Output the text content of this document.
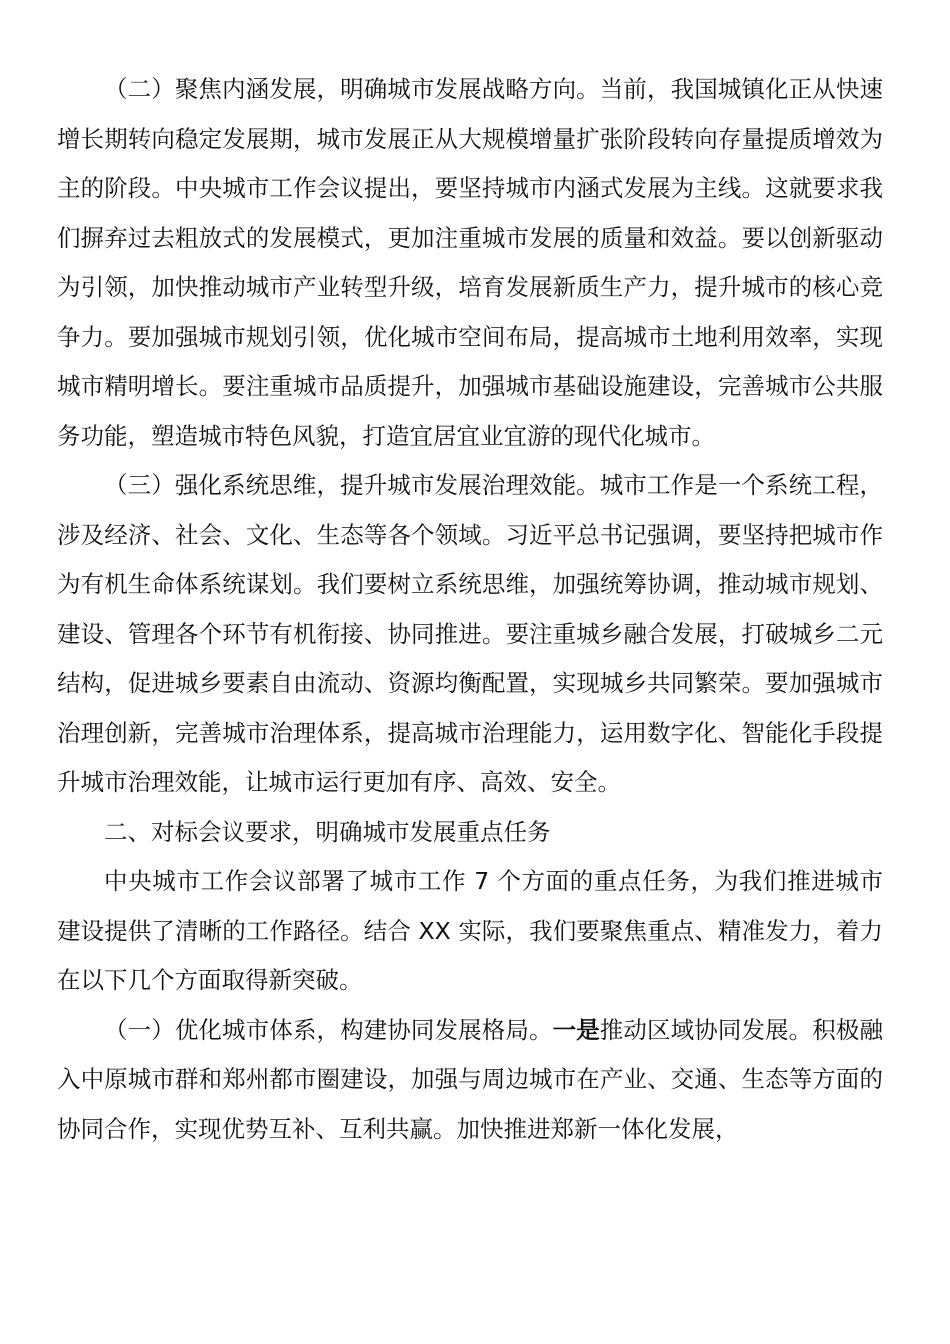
（二）聚焦内涵发展，明确城市发展战略方向。当前，我国城镇化正从快速增长期转向稳定发展期，城市发展正从大规模增量扩张阶段转向存量提质增效为主的阶段。中央城市工作会议提出，要坚持城市内涵式发展为主线。这就要求我们摒弃过去粗放式的发展模式，更加注重城市发展的质量和效益。要以创新驱动为引领，加快推动城市产业转型升级，培育发展新质生产力，提升城市的核心竞争力。要加强城市规划引领，优化城市空间布局，提高城市土地利用效率，实现城市精明增长。要注重城市品质提升，加强城市基础设施建设，完善城市公共服务功能，塑造城市特色风貌，打造宜居宜业宜游的现代化城市。

（三）强化系统思维，提升城市发展治理效能。城市工作是一个系统工程，涉及经济、社会、文化、生态等各个领域。习近平总书记强调，要坚持把城市作为有机生命体系统谋划。我们要树立系统思维，加强统筹协调，推动城市规划、建设、管理各个环节有机衔接、协同推进。要注重城乡融合发展，打破城乡二元结构，促进城乡要素自由流动、资源均衡配置，实现城乡共同繁荣。要加强城市治理创新，完善城市治理体系，提高城市治理能力，运用数字化、智能化手段提升城市治理效能，让城市运行更加有序、高效、安全。

二、对标会议要求，明确城市发展重点任务

中央城市工作会议部署了城市工作 7 个方面的重点任务，为我们推进城市建设提供了清晰的工作路径。结合 XX 实际，我们要聚焦重点、精准发力，着力在以下几个方面取得新突破。

（一）优化城市体系，构建协同发展格局。一是推动区域协同发展。积极融入中原城市群和郑州都市圈建设，加强与周边城市在产业、交通、生态等方面的协同合作，实现优势互补、互利共赢。加快推进郑新一体化发展，
